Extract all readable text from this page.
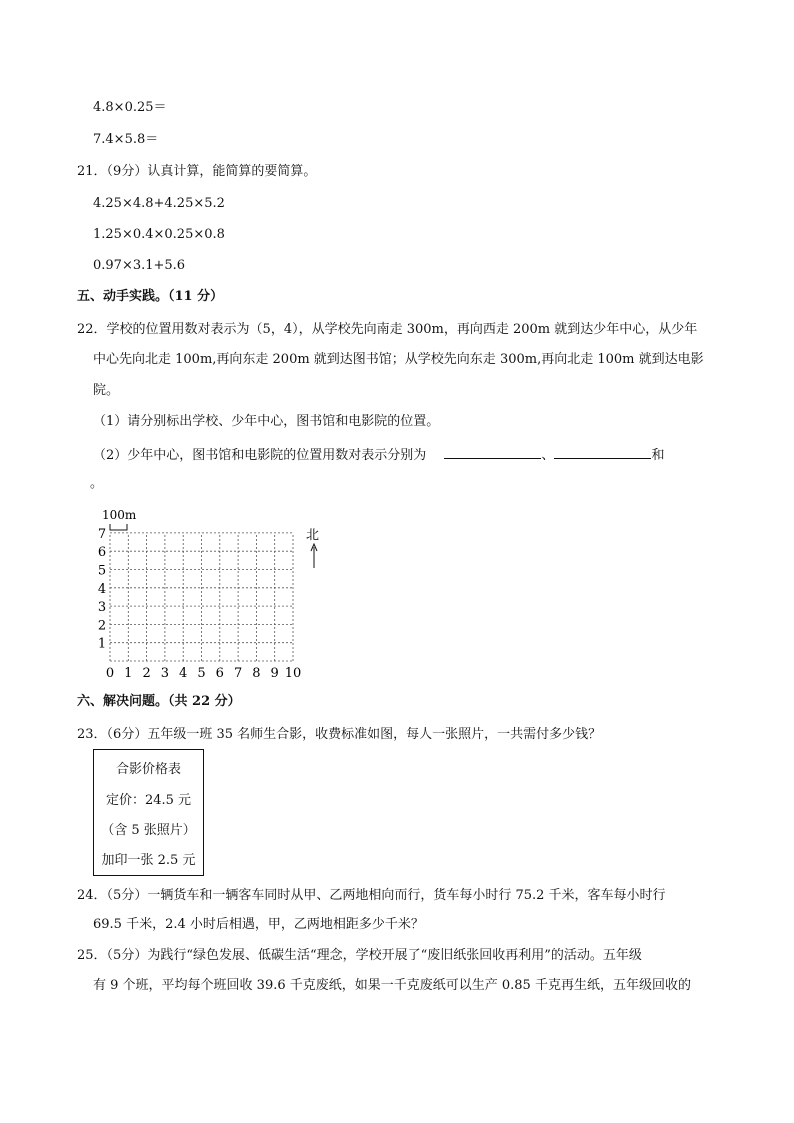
4.8×0.25＝
7.4×5.8＝
21．（9分）认真计算，能简算的要简算。
4.25×4.8+4.25×5.2
1.25×0.4×0.25×0.8
0.97×3.1+5.6
五、动手实践。（11 分）
22．学校的位置用数对表示为（5，4），从学校先向南走 300m，再向西走 200m 就到达少年中心，从少年
中心先向北走 100m,再向东走 200m 就到达图书馆；从学校先向东走 300m,再向北走 100m 就到达电影
院。
（1）请分别标出学校、少年中心，图书馆和电影院的位置。
（2）少年中心，图书馆和电影院的位置用数对表示分别为	、	和
。
100m
0 1 2 3 4 5 6 7 8 9 10
1
2
3
4
5
6
7	北
六、解决问题。（共 22 分）
23．（6分）五年级一班 35 名师生合影，收费标准如图，每人一张照片，一共需付多少钱？
合影价格表
定价：24.5 元
（含 5 张照片）
加印一张 2.5 元
24．（5分）一辆货车和一辆客车同时从甲、乙两地相向而行，货车每小时行 75.2 千米，客车每小时行
69.5 千米，2.4 小时后相遇，甲，乙两地相距多少千米？
25．（5分）为践行“绿色发展、低碳生活“理念，学校开展了“废旧纸张回收再利用”的活动。五年级
有 9 个班，平均每个班回收 39.6 千克废纸，如果一千克废纸可以生产 0.85 千克再生纸，五年级回收的
